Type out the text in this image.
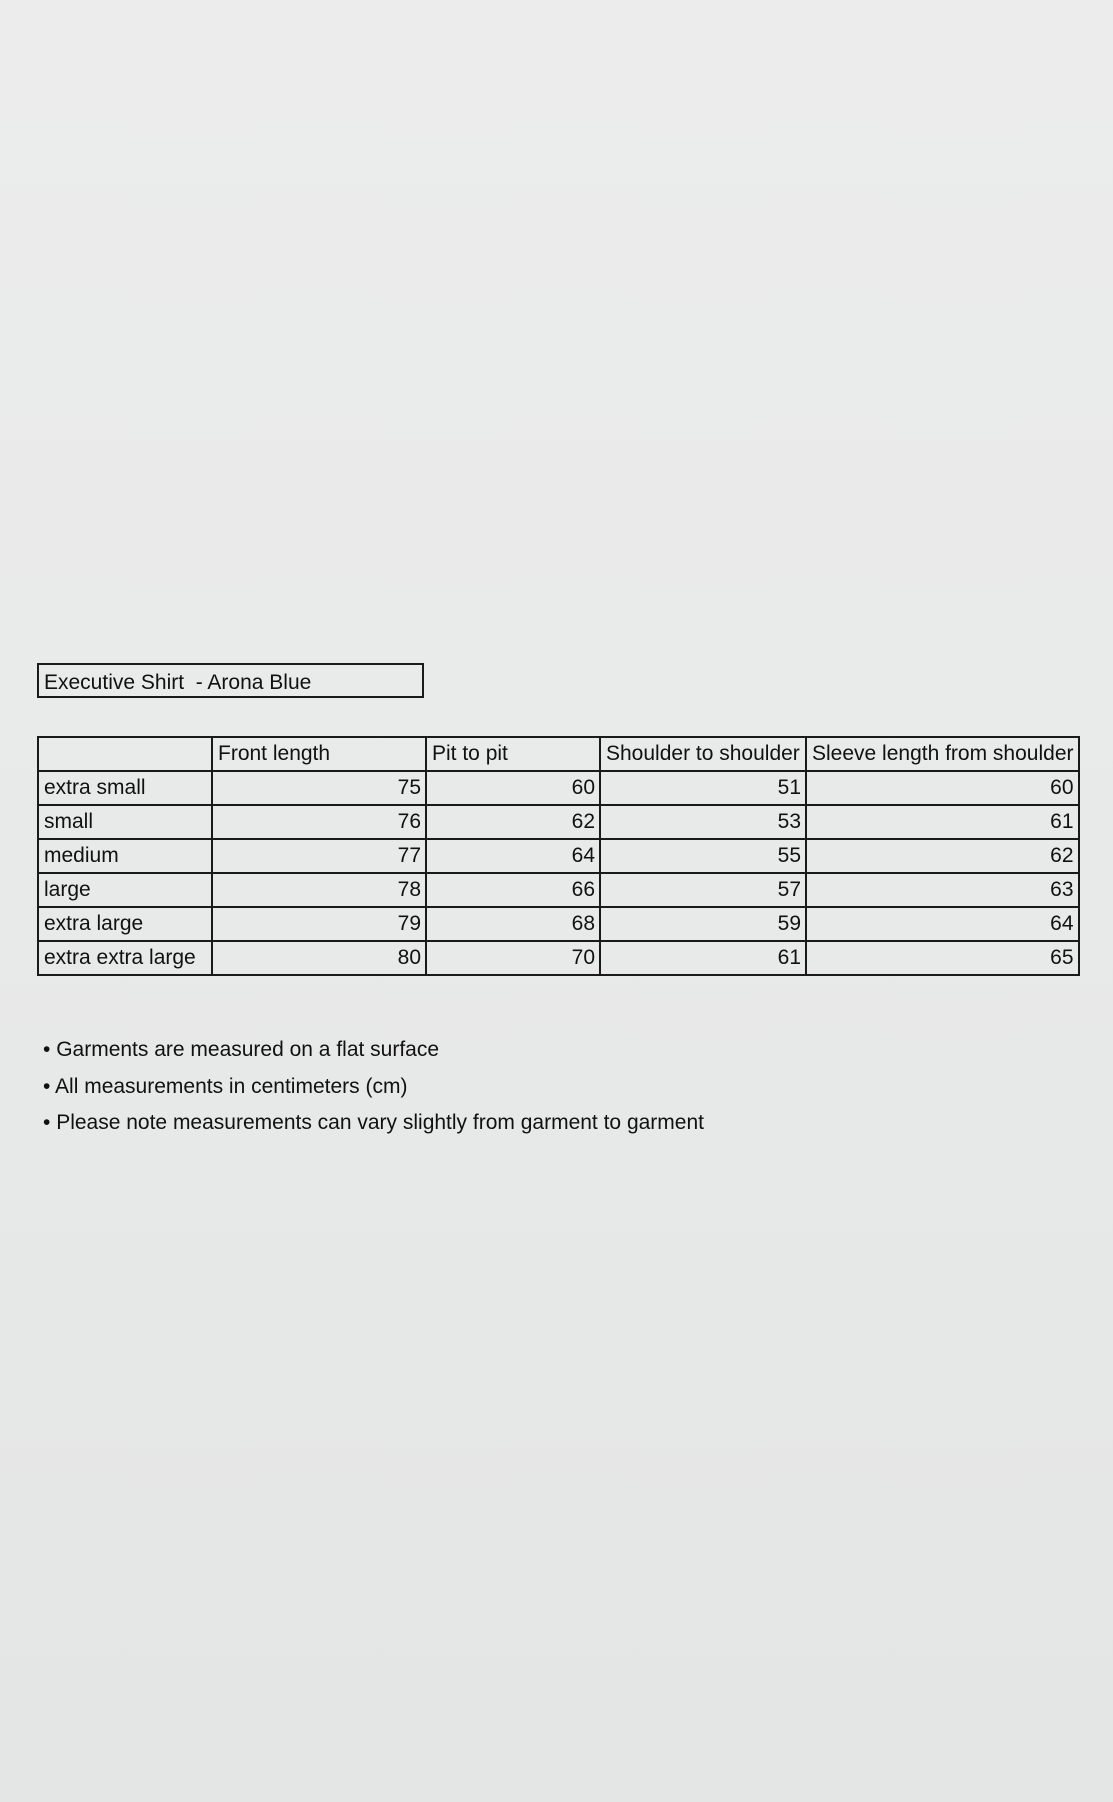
Executive Shirt  - Arona Blue
	Front length	Pit to pit	Shoulder to shoulder	Sleeve length from shoulder
extra small	75	60	51	60
small	76	62	53	61
medium	77	64	55	62
large	78	66	57	63
extra large	79	68	59	64
extra extra large	80	70	61	65
• Garments are measured on a flat surface
• All measurements in centimeters (cm)
• Please note measurements can vary slightly from garment to garment
